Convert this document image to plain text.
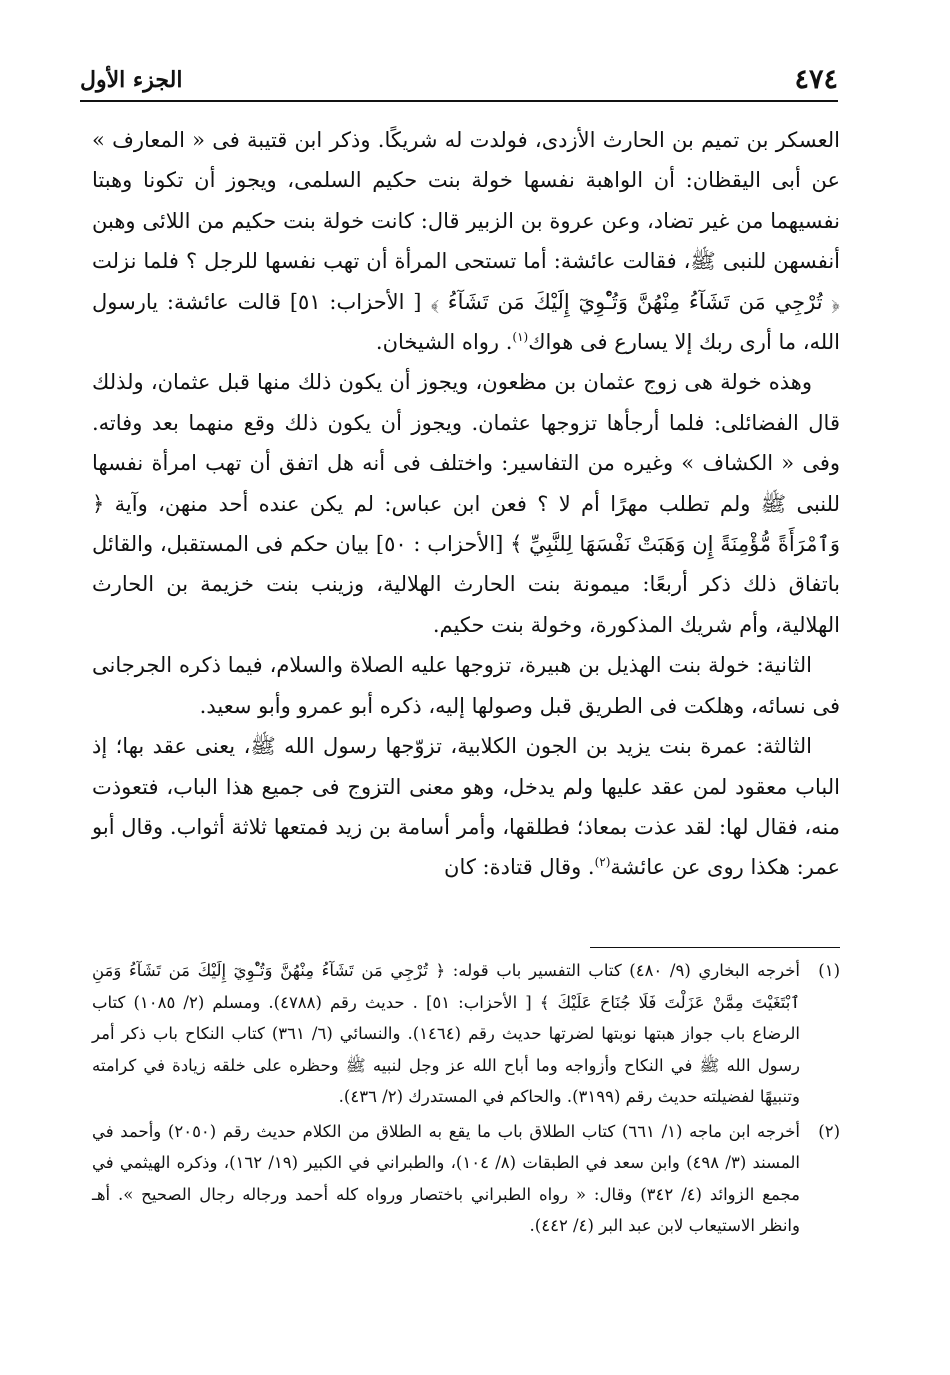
٤٧٤
الجزء الأول

العسكر بن تميم بن الحارث الأزدى، فولدت له شريكًا. وذكر ابن قتيبة فى « المعارف » عن أبى اليقظان: أن الواهبة نفسها خولة بنت حكيم السلمى، ويجوز أن تكونا وهبتا نفسيهما من غير تضاد، وعن عروة بن الزبير قال: كانت خولة بنت حكيم من اللائى وهبن أنفسهن للنبى ﷺ، فقالت عائشة: أما تستحى المرأة أن تهب نفسها للرجل ؟ فلما نزلت ﴿ تُرْجِي مَن تَشَآءُ مِنْهُنَّ وَتُـْٔوِيٓ إِلَيْكَ مَن تَشَآءُ ﴾ [ الأحزاب: ٥١] قالت عائشة: يارسول الله، ما أرى ربك إلا يسارع فى هواك$^{(١)}$. رواه الشيخان.

وهذه خولة هى زوج عثمان بن مظعون، ويجوز أن يكون ذلك منها قبل عثمان، ولذلك قال الفضائلى: فلما أرجأها تزوجها عثمان. ويجوز أن يكون ذلك وقع منهما بعد وفاته. وفى « الكشاف » وغيره من التفاسير: واختلف فى أنه هل اتفق أن تهب امرأة نفسها للنبى ﷺ ولم تطلب مهرًا أم لا ؟ فعن ابن عباس: لم يكن عنده أحد منهن، وآية ﴿ وَٱمْرَأَةً مُّؤْمِنَةً إِن وَهَبَتْ نَفْسَهَا لِلنَّبِيِّ ﴾ [الأحزاب : ٥٠] بيان حكم فى المستقبل، والقائل باتفاق ذلك ذكر أربعًا: ميمونة بنت الحارث الهلالية، وزينب بنت خزيمة بن الحارث الهلالية، وأم شريك المذكورة، وخولة بنت حكيم.

الثانية: خولة بنت الهذيل بن هبيرة، تزوجها عليه الصلاة والسلام، فيما ذكره الجرجانى فى نسائه، وهلكت فى الطريق قبل وصولها إليه، ذكره أبو عمرو وأبو سعيد.

الثالثة: عمرة بنت يزيد بن الجون الكلابية، تزوّجها رسول الله ﷺ، يعنى عقد بها؛ إذ الباب معقود لمن عقد عليها ولم يدخل، وهو معنى التزوج فى جميع هذا الباب، فتعوذت منه، فقال لها: لقد عذت بمعاذ؛ فطلقها، وأمر أسامة بن زيد فمتعها ثلاثة أثواب. وقال أبو عمر: هكذا روى عن عائشة$^{(٢)}$. وقال قتادة: كان

(١)
أخرجه البخاري (٩/ ٤٨٠) كتاب التفسير باب قوله: ﴿ تُرْجِي مَن تَشَآءُ مِنْهُنَّ وَتُـْٔوِيٓ إِلَيْكَ مَن تَشَآءُ وَمَنِ ٱبْتَغَيْتَ مِمَّنْ عَزَلْتَ فَلَا جُنَاحَ عَلَيْكَ ﴾ [ الأحزاب: ٥١] . حديث رقم (٤٧٨٨). ومسلم (٢/ ١٠٨٥) كتاب الرضاع باب جواز هبتها نوبتها لضرتها حديث رقم (١٤٦٤). والنسائي (٦/ ٣٦١) كتاب النكاح باب ذكر أمر رسول الله ﷺ في النكاح وأزواجه وما أباح الله عز وجل لنبيه ﷺ وحظره على خلقه زيادة في كرامته وتنبيهًا لفضيلته حديث رقم (٣١٩٩). والحاكم في المستدرك (٢/ ٤٣٦).
(٢)
أخرجه ابن ماجه (١/ ٦٦١) كتاب الطلاق باب ما يقع به الطلاق من الكلام حديث رقم (٢٠٥٠) وأحمد في المسند (٣/ ٤٩٨) وابن سعد في الطبقات (٨/ ١٠٤)، والطبراني في الكبير (١٩/ ١٦٢)، وذكره الهيثمي في مجمع الزوائد (٤/ ٣٤٢) وقال: « رواه الطبراني باختصار ورواه كله أحمد ورجاله رجال الصحيح ». أهـ وانظر الاستيعاب لابن عبد البر (٤/ ٤٤٢).
